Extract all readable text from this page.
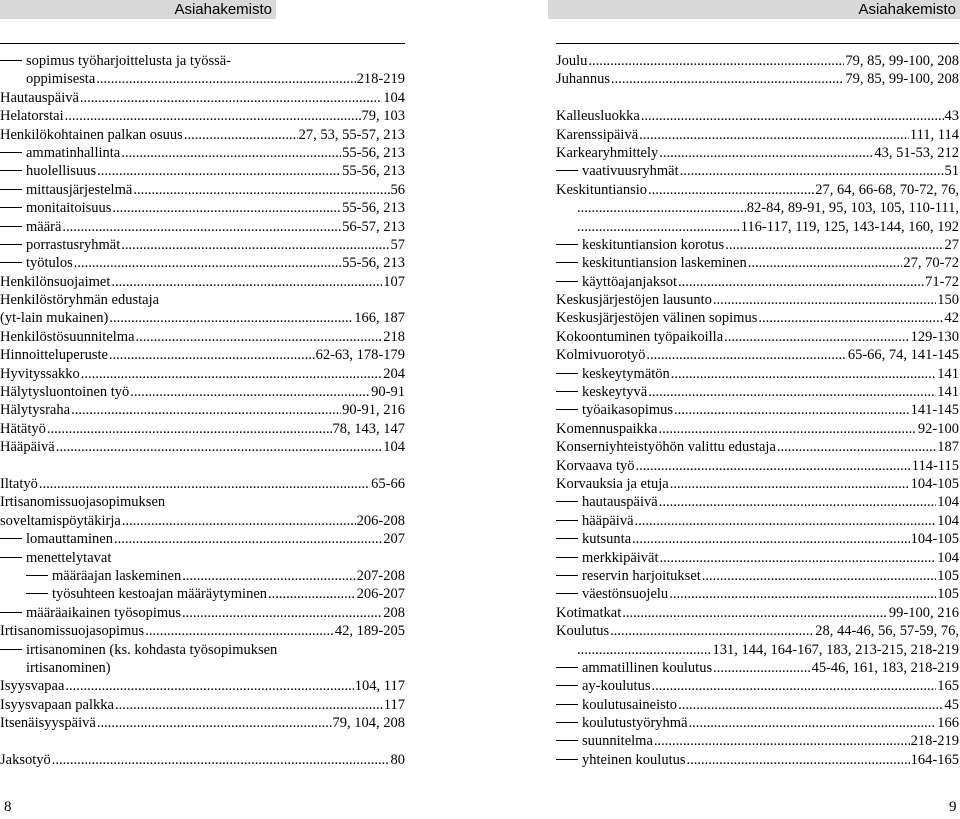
Asiahakemisto	Asiahakemisto
sopimus työharjoittelusta ja työssä-
oppimisesta .....	218-219
Hautauspäivä .....	104
Helatorstai .....	79, 103
Henkilökohtainen palkan osuus .....	27, 53, 55-57, 213
ammatinhallinta .....	55-56, 213
huolellisuus .....	55-56, 213
mittausjärjestelmä .....	56
monitaitoisuus .....	55-56, 213
määrä .....	56-57, 213
porrastusryhmät .....	57
työtulos .....	55-56, 213
Henkilönsuojaimet .....	107
Henkilöstöryhmän edustaja
(yt-lain mukainen) .....	166, 187
Henkilöstösuunnitelma .....	218
Hinnoitteluperuste .....	62-63, 178-179
Hyvityssakko .....	204
Hälytysluontoinen työ .....	90-91
Hälytysraha .....	90-91, 216
Hätätyö .....	78, 143, 147
Hääpäivä .....	104
Iltatyö .....	65-66
Irtisanomissuojasopimuksen
soveltamispöytäkirja .....	206-208
lomauttaminen .....	207
menettelytavat
määräajan laskeminen .....	207-208
työsuhteen kestoajan määräytyminen .....	206-207
määräaikainen työsopimus .....	208
Irtisanomissuojasopimus .....	42, 189-205
irtisanominen (ks. kohdasta työsopimuksen
irtisanominen)
Isyysvapaa .....	104, 117
Isyysvapaan palkka .....	117
Itsenäisyyspäivä .....	79, 104, 208
Jaksotyö .....	80
Joulu .....	79, 85, 99-100, 208
Juhannus .....	79, 85, 99-100, 208
Kalleusluokka .....	43
Karenssipäivä .....	111, 114
Karkearyhmittely .....	43, 51-53, 212
vaativuusryhmät .....	51
Keskituntiansio .....	27, 64, 66-68, 70-72, 76,
.....
82-84, 89-91, 95, 103, 105, 110-111,
.....
116-117, 119, 125, 143-144, 160, 192
keskituntiansion korotus .....	27
keskituntiansion laskeminen .....	27, 70-72
käyttöajanjaksot .....	71-72
Keskusjärjestöjen lausunto .....	150
Keskusjärjestöjen välinen sopimus .....	42
Kokoontuminen työpaikoilla .....	129-130
Kolmivuorotyö .....	65-66, 74, 141-145
keskeytymätön .....	141
keskeytyvä .....	141
työaikasopimus .....	141-145
Komennuspaikka .....	92-100
Konserniyhteistyöhön valittu edustaja .....	187
Korvaava työ .....	114-115
Korvauksia ja etuja .....	104-105
hautauspäivä .....	104
hääpäivä .....	104
kutsunta .....	104-105
merkkipäivät .....	104
reservin harjoitukset .....	105
väestönsuojelu .....	105
Kotimatkat .....	99-100, 216
Koulutus .....	28, 44-46, 56, 57-59, 76,
.....
131, 144, 164-167, 183, 213-215, 218-219
ammatillinen koulutus .....	45-46, 161, 183, 218-219
ay-koulutus .....	165
koulutusaineisto .....	45
koulutustyöryhmä .....	166
suunnitelma .....	218-219
yhteinen koulutus .....	164-165
8	9
